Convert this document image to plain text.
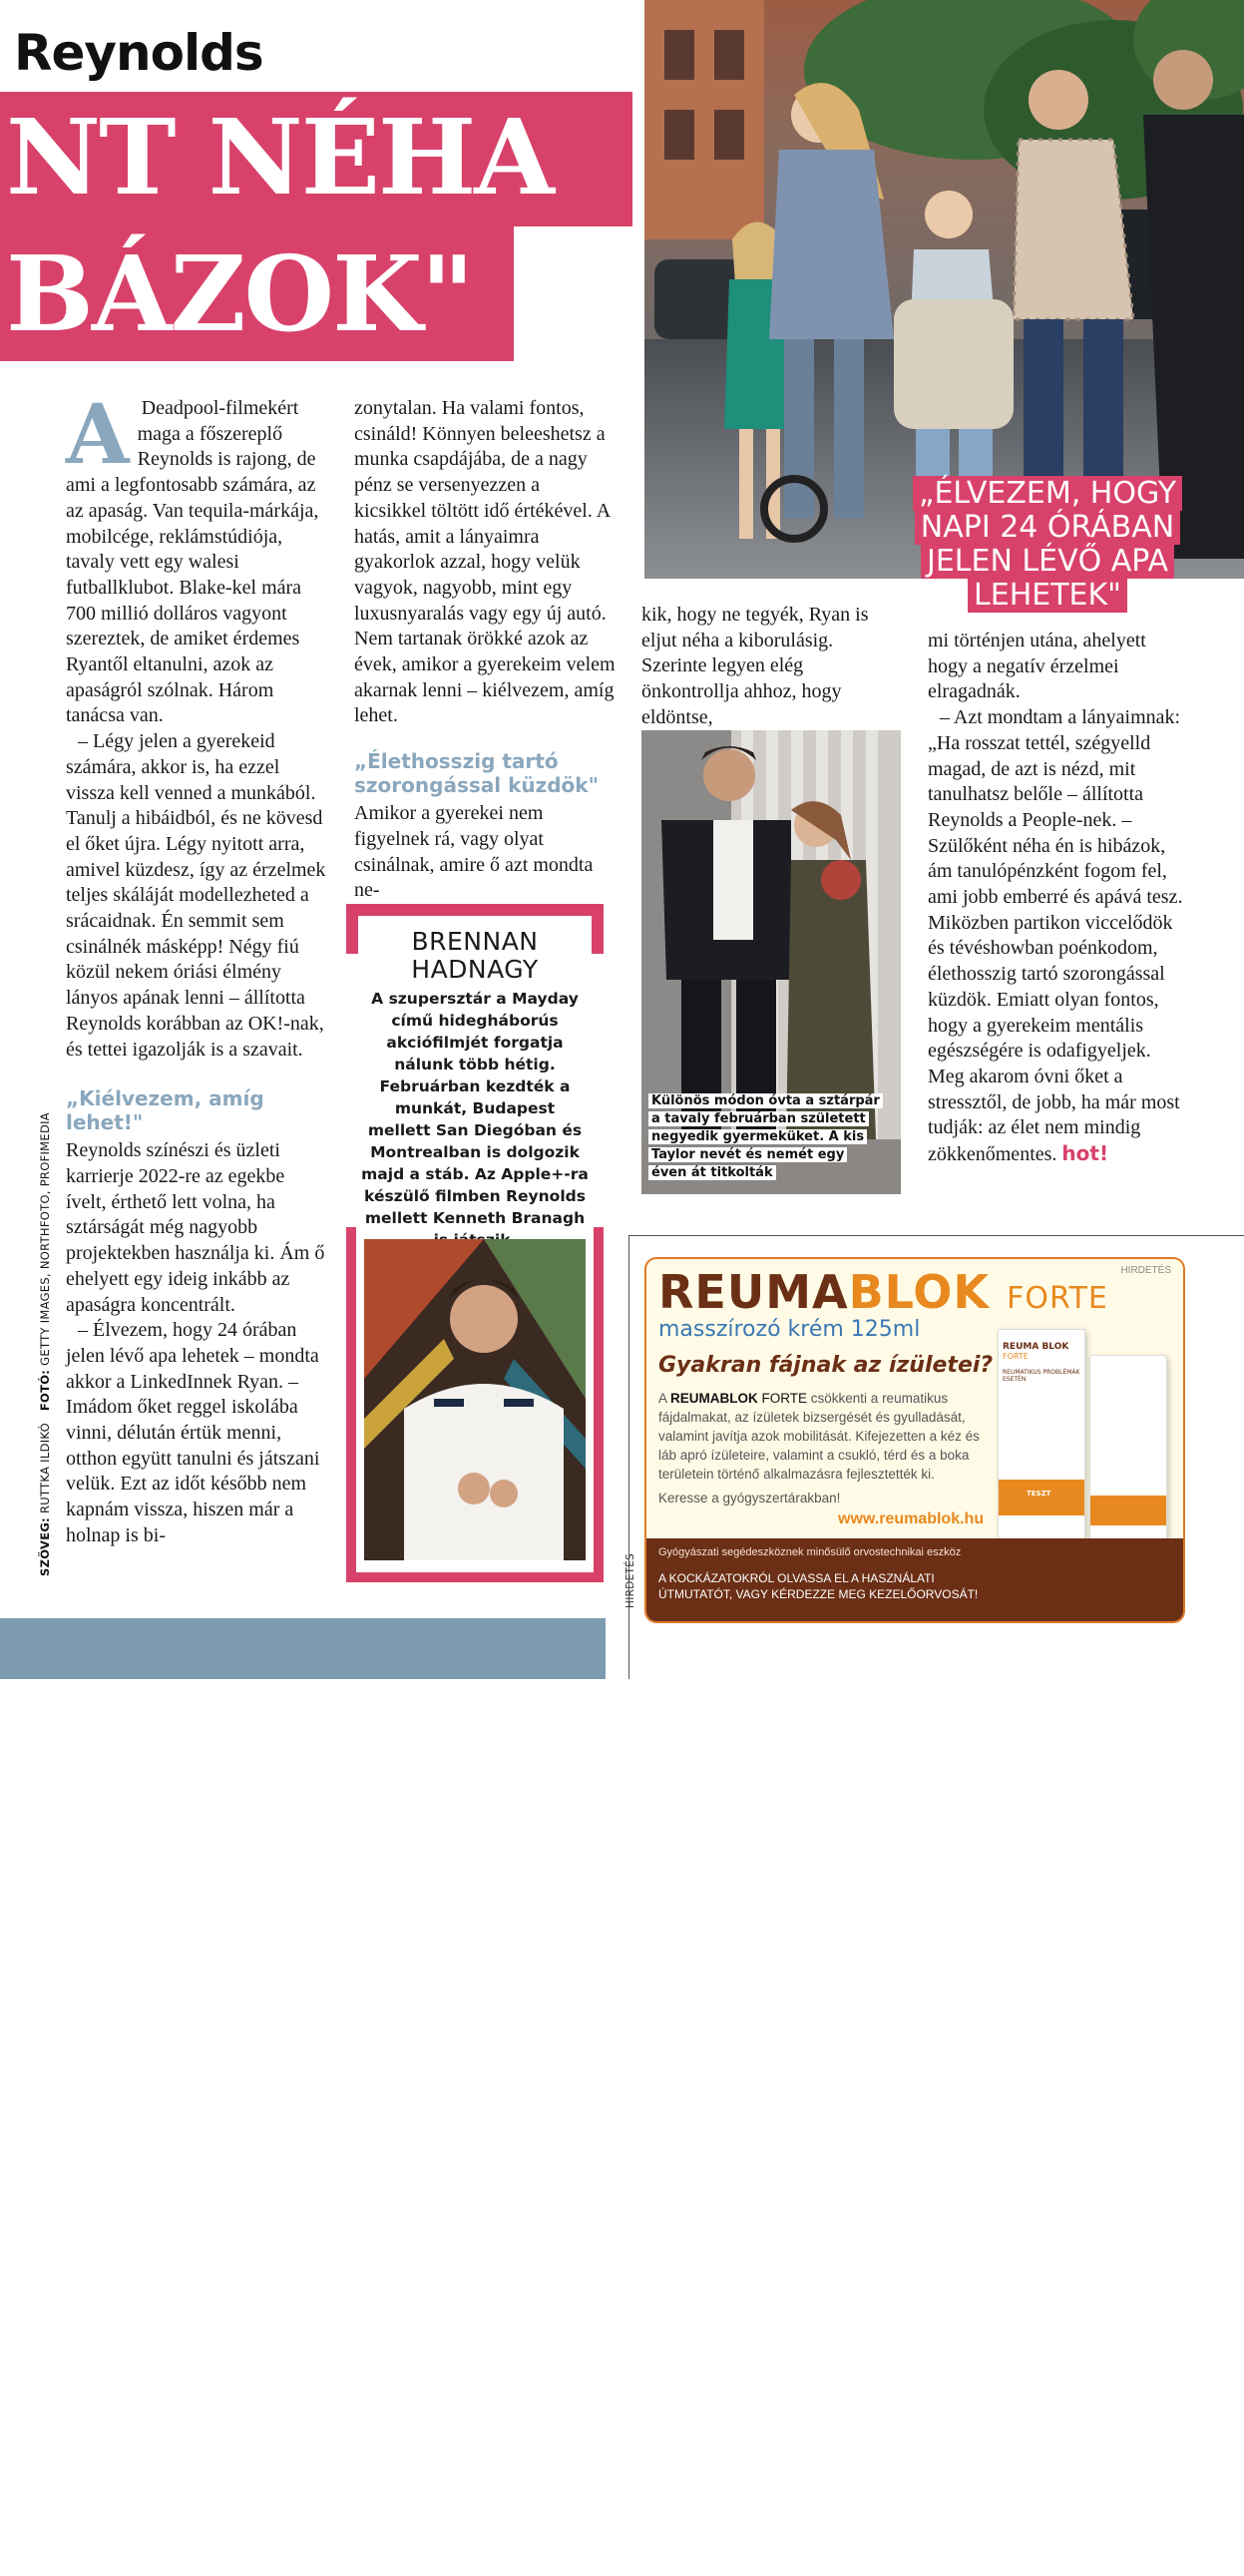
Reynolds
NT NÉHA
BÁZOK"
„ÉLVEZEM, HOGY NAPI 24 ÓRÁBAN JELEN LÉVŐ APA LEHETEK"
A Deadpool-filmekért maga a főszereplő Reynolds is rajong, de ami a legfontosabb számára, az az apaság. Van tequila-márkája, mobilcége, reklámstúdiója, tavaly vett egy walesi futballklubot. Blake-kel mára 700 millió dolláros vagyont szereztek, de amiket érdemes Ryantől eltanulni, azok az apaságról szólnak. Három tanácsa van.

– Légy jelen a gyerekeid számára, akkor is, ha ezzel vissza kell venned a munkából. Tanulj a hibáidból, és ne kövesd el őket újra. Légy nyitott arra, amivel küzdesz, így az érzelmek teljes skáláját modellezheted a srácaidnak. Én semmit sem csinálnék másképp! Négy fiú közül nekem óriási élmény lányos apának lenni – állította Reynolds korábban az OK!-nak, és tettei igazolják is a szavait.

„Kiélvezem, amíg lehet!"

Reynolds színészi és üzleti karrierje 2022-re az egekbe ívelt, érthető lett volna, ha sztárságát még nagyobb projektekben használja ki. Ám ő ehelyett egy ideig inkább az apaságra koncentrált.

– Élvezem, hogy 24 órában jelen lévő apa lehetek – mondta akkor a LinkedInnek Ryan. – Imádom őket reggel iskolába vinni, délután értük menni, otthon együtt tanulni és játszani velük. Ezt az időt később nem kapnám vissza, hiszen már a holnap is bi-

SZÖVEG: RUTTKA ILDIKÓ   FOTÓ: GETTY IMAGES, NORTHFOTO, PROFIMEDIA

zonytalan. Ha valami fontos, csináld! Könnyen beleeshetsz a munka csapdájába, de a nagy pénz se versenyezzen a kicsikkel töltött idő értékével. A hatás, amit a lányaimra gyakorlok azzal, hogy velük vagyok, nagyobb, mint egy luxusnyaralás vagy egy új autó. Nem tartanak örökké azok az évek, amikor a gyerekeim velem akarnak lenni – kiélvezem, amíg lehet.

„Élethosszig tartó szorongással küzdök"

Amikor a gyerekei nem figyelnek rá, vagy olyat csinálnak, amire ő azt mondta ne-

BRENNAN
HADNAGY
A szupersztár a Mayday című hidegháborús akciófilmjét forgatja nálunk több hétig. Februárban kezdték a munkát, Budapest mellett San Diegóban és Montrealban is dolgozik majd a stáb. Az Apple+-ra készülő filmben Reynolds mellett Kenneth Branagh

kik, hogy ne tegyék, Ryan is eljut néha a kiborulásig. Szerinte legyen elég önkontrollja ahhoz, hogy eldöntse,

Különös módon óvta a sztárpár a tavaly februárban született negyedik gyermeküket. A kis Taylor nevét és nemét egy éven át titkolták

mi történjen utána, ahelyett hogy a negatív érzelmei elragadnák.

– Azt mondtam a lányaimnak: „Ha rosszat tettél, szégyelld magad, de azt is nézd, mit tanulhatsz belőle – állította Reynolds a People-nek. – Szülőként néha én is hibázok, ám tanulópénzként fogom fel, ami jobb emberré és apává tesz. Miközben partikon viccelődök és tévéshowban poénkodom, élethosszig tartó szorongással küzdök. Emiatt olyan fontos, hogy a gyerekeim mentális egészségére is odafigyeljek. Meg akarom óvni őket a stressztől, de jobb, ha már most tudják: az élet nem mindig zökkenőmentes. hot!

HIRDETÉS
HIRDETÉS
REUMABLOK FORTE
masszírozó krém 125ml
Gyakran fájnak az ízületei?
A REUMABLOK FORTE csökkenti a reumatikus fájdalmakat, az ízületek bizsergését és gyulladását, valamint javítja azok mobilitását. Kifejezetten a kéz és láb apró ízületeire, valamint a csukló, térd és a boka területein történő alkalmazásra fejlesztették ki.
Keresse a gyógyszertárakban!
www.reumablok.hu
REUMA BLOK
FORTE
REUMATIKUS PROBLÉMÁK ESETÉN
TESZT
Gyógyászati segédeszköznek minősülő orvostechnikai eszköz
A KOCKÁZATOKRÓL OLVASSA EL A HASZNÁLATI ÚTMUTATÓT, VAGY KÉRDEZZE MEG KEZELŐORVOSÁT!
